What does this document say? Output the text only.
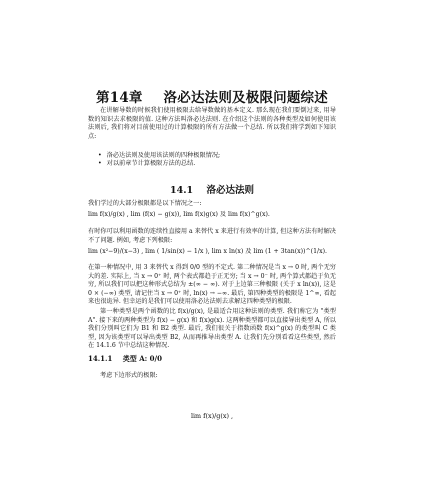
第14章 洛必达法则及极限问题综述
在讲解导数的时候我们使用极限去给导数做的基本定义. 那么现在我们要倒过来, 用导数的知识去求极限的值. 这种方法叫洛必达法则. 在介绍这个法则的各种类型及如何使用该法则后, 我们将对目前使用过的计算极限的所有方法做一个总结. 所以我们将学到如下知识点:
• 洛必达法则及使用该法则的四种极限情况;
• 对以前章节计算极限方法的总结.
14.1 洛必达法则
我们学过的大部分极限都是以下情况之一:
lim f(x)/g(x) , lim (f(x) − g(x)), lim f(x)g(x) 及 lim f(x)^g(x).
有时你可以利用函数的连续性直接用 a 来替代 x 来进行有效率的计算, 但这种方法有时解决不了问题. 例如, 考虑下列极限:
lim (x²−9)/(x−3) , lim ( 1/sin(x) − 1/x ), lim x ln(x) 及 lim (1 + 3tan(x))^(1/x).
在第一种情况中, 用 3 来替代 x 得到 0/0 型的不定式. 第二种情况是当 x → 0 时, 两个无穷大的差. 实际上, 当 x → 0⁺ 时, 两个表式都趋于正无穷; 当 x → 0⁻ 时, 两个算式都趋于负无穷, 所以我们可以把这种形式总结为 ±(∞ − ∞). 对于上边第三种极限 (关于 x ln(x)), 这是 0 × (−∞) 类型, 请记住当 x → 0⁺ 时, ln(x) → −∞. 最后, 第四种类型的极限是 1^∞, 看起来也很诡异. 但幸运的是我们可以使用洛必达法则去求解这四种类型的极限.
第一种类型是两个函数的比 f(x)/g(x), 是最适合用这种法则的类型. 我们称它为 "类型 A". 接下来的两种类型为 f(x) − g(x) 和 f(x)g(x). 这两种类型都可以直接导出类型 A, 所以我们分别叫它们为 B1 和 B2 类型. 最后, 我们很关于指数函数 f(x)^g(x) 的类型叫 C 类型, 因为该类型可以导出类型 B2, 从而再推导出类型 A. 让我们先分别看看这些类型, 然后在 14.1.6 节中总结这种情况.
14.1.1 类型 A: 0/0
考虑下边形式的极限:
lim f(x)/g(x) ,
